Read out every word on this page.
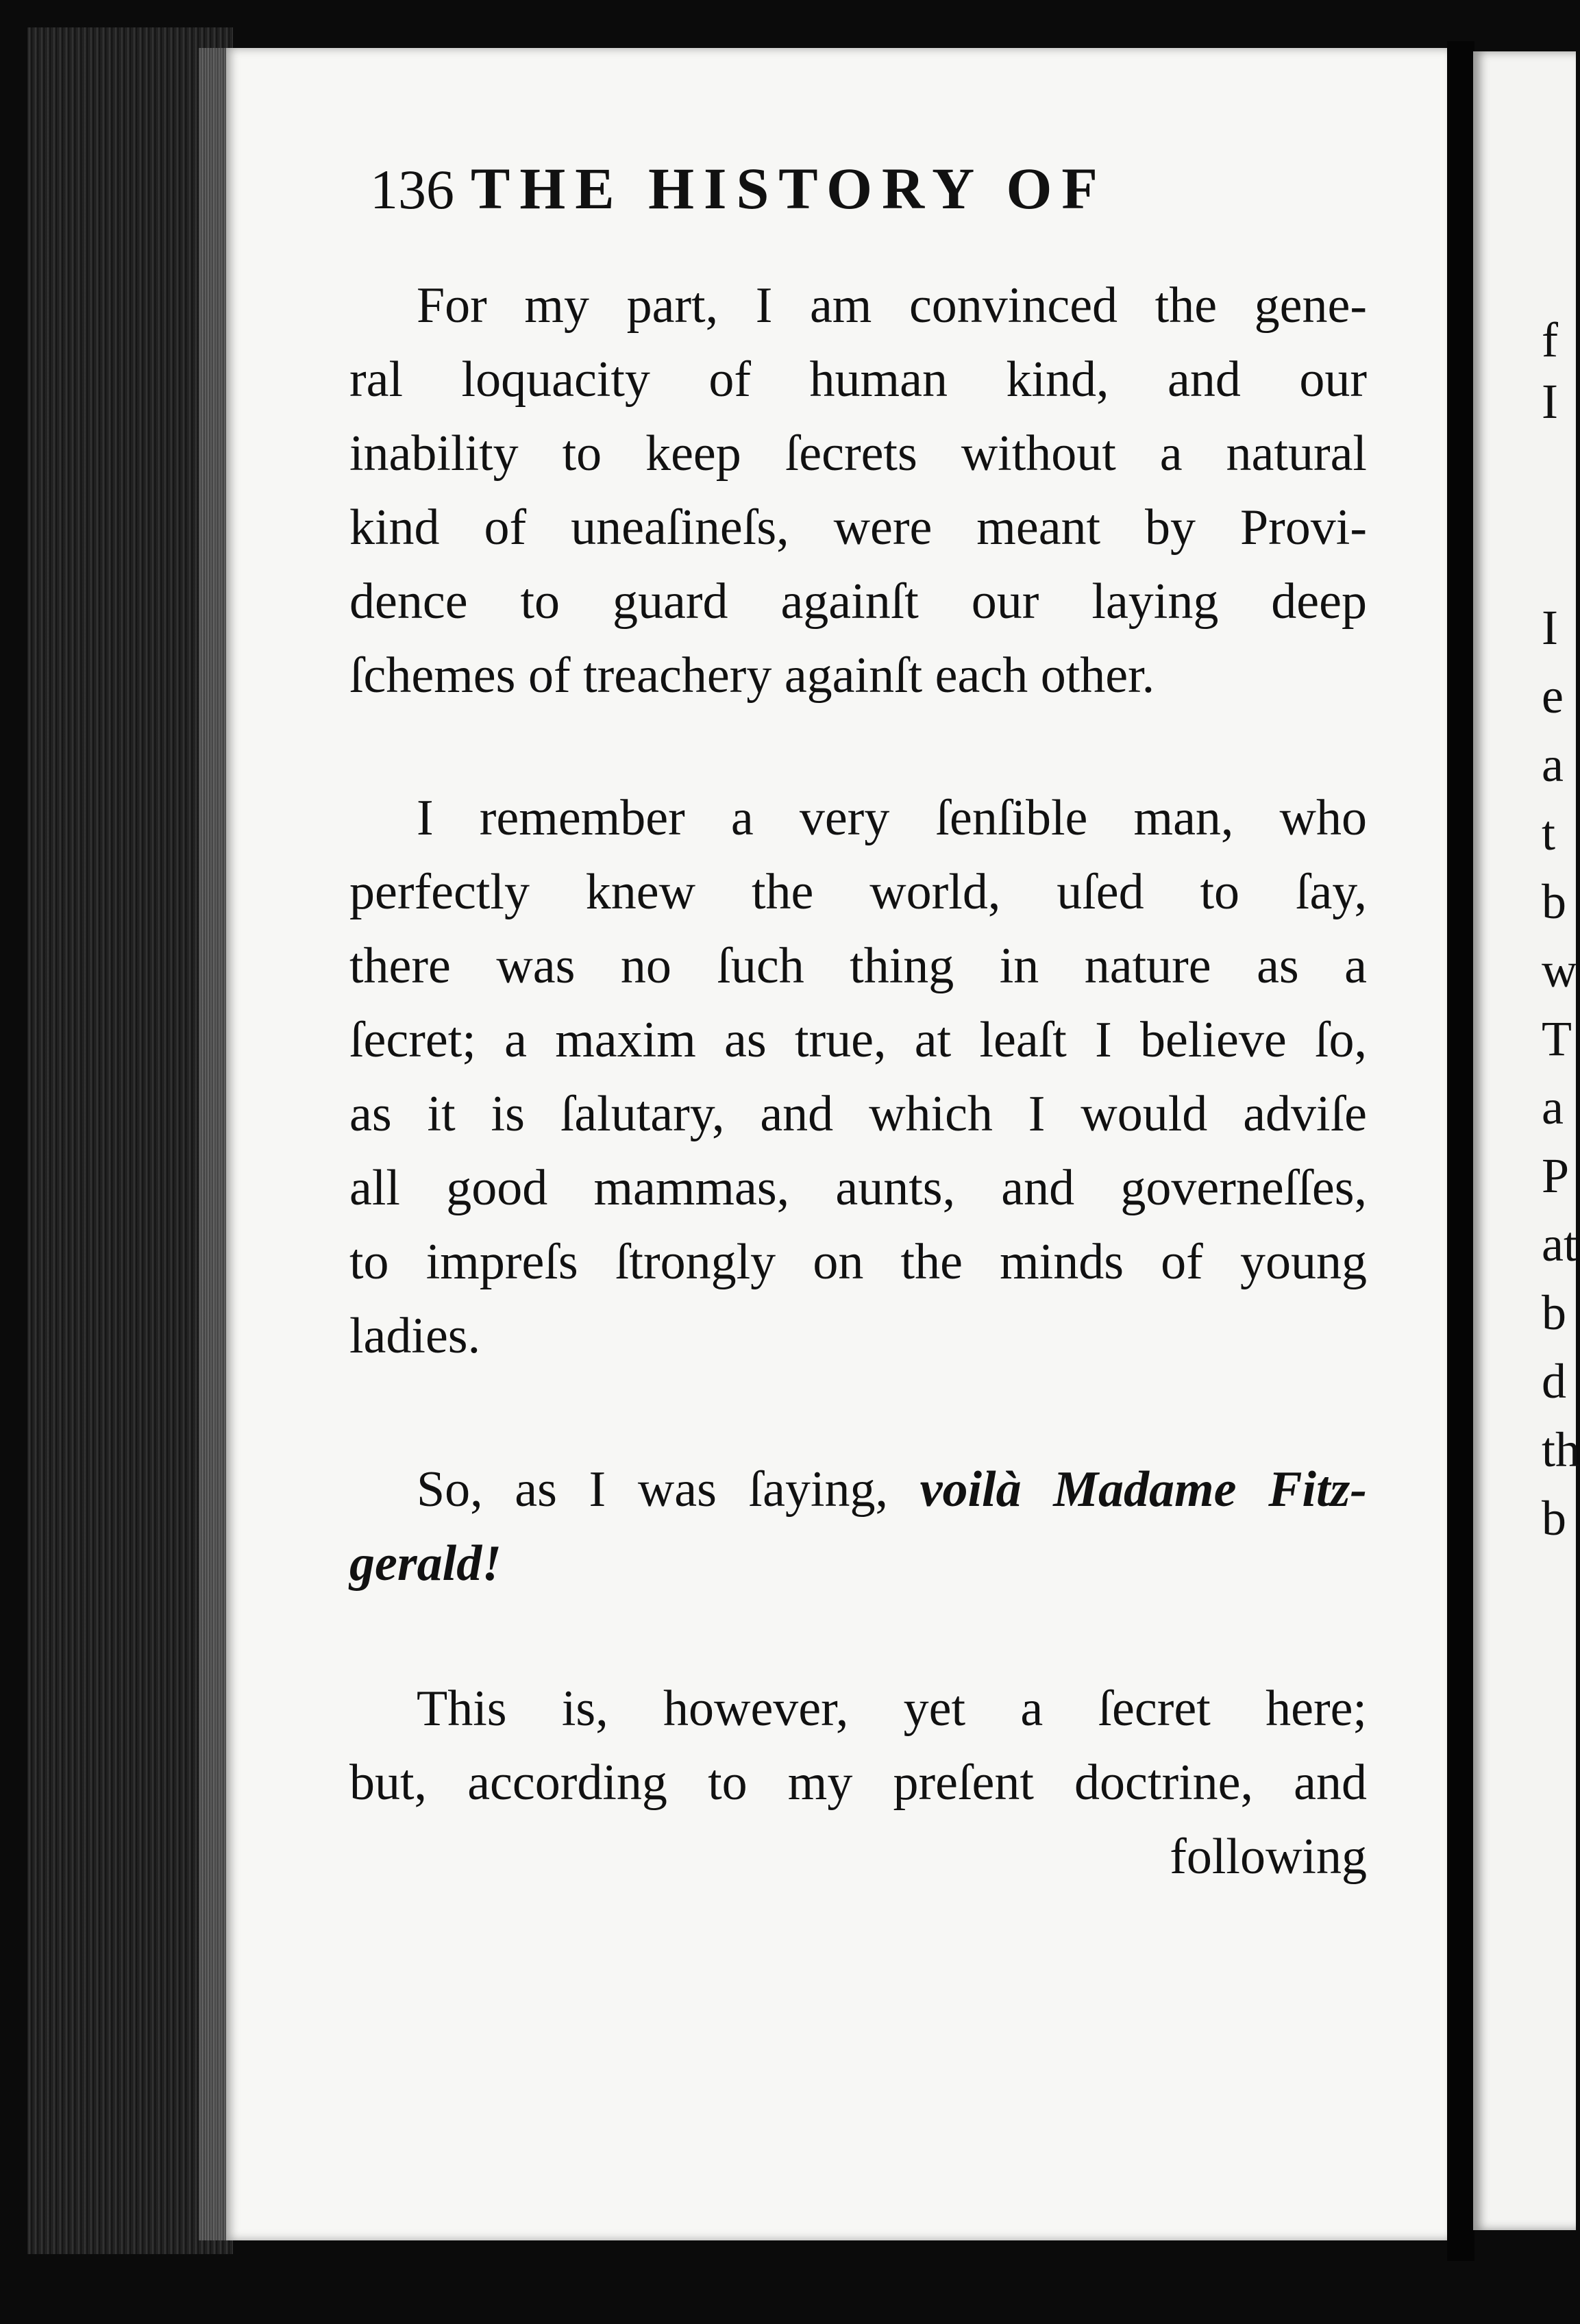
136 THE HISTORY OF
For my part, I am convinced the gene-
ral loquacity of human kind, and our
inability to keep ſecrets without a natural
kind of uneaſineſs, were meant by Provi-
dence to guard againſt our laying deep
ſchemes of treachery againſt each other.
I remember a very ſenſible man, who
perfectly knew the world, uſed to ſay,
there was no ſuch thing in nature as a
ſecret; a maxim as true, at leaſt I believe ſo,
as it is ſalutary, and which I would adviſe
all good mammas, aunts, and governeſſes,
to impreſs ſtrongly on the minds of young
ladies.
So, as I was ſaying, voilà Madame Fitz-
gerald!
This is, however, yet a ſecret here;
but, according to my preſent doctrine, and
following
f
I
I
e
a
t
b
w
T
a
P
at
b
d
th
b
